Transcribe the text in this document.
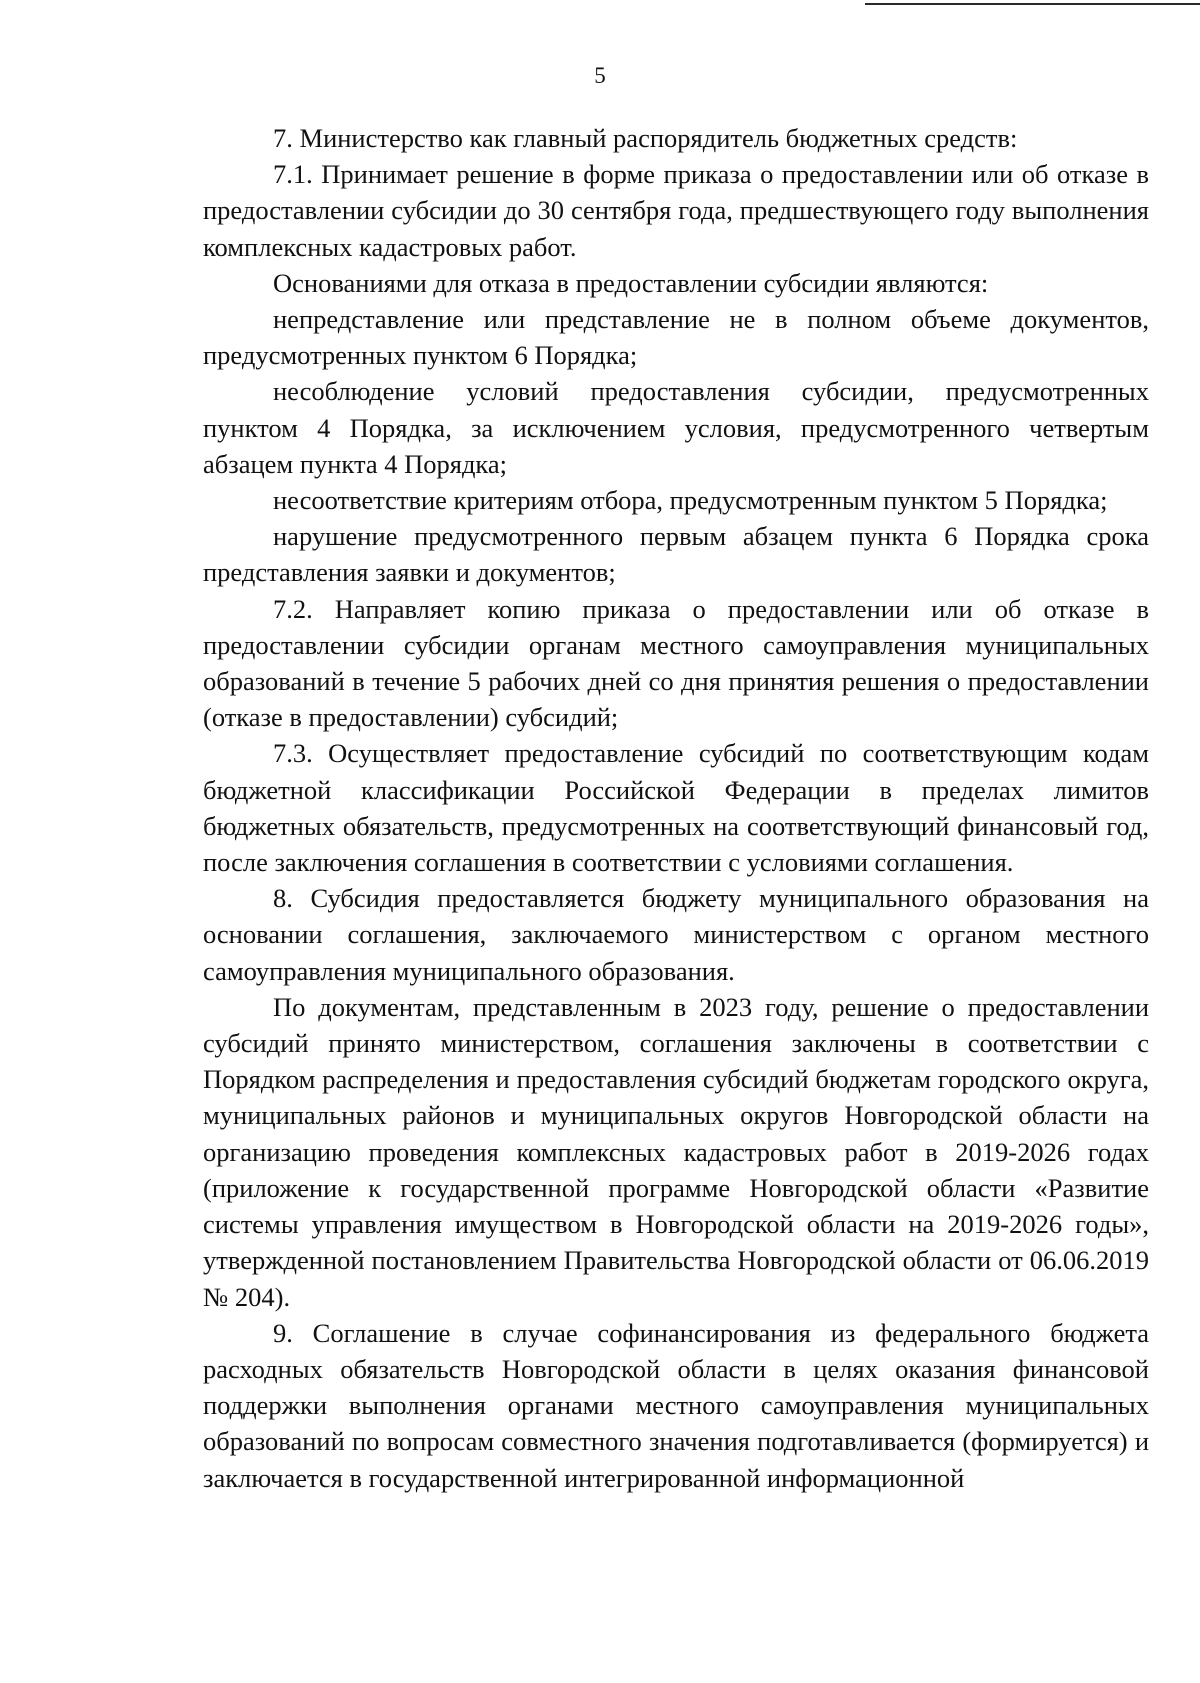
5

7. Министерство как главный распорядитель бюджетных средств:

7.1. Принимает решение в форме приказа о предоставлении или об отказе в предоставлении субсидии до 30 сентября года, предшествующего году выполнения комплексных кадастровых работ.

Основаниями для отказа в предоставлении субсидии являются:

непредставление или представление не в полном объеме документов, предусмотренных пунктом 6 Порядка;

несоблюдение условий предоставления субсидии, предусмотренных пунктом 4 Порядка, за исключением условия, предусмотренного четвертым абзацем пункта 4 Порядка;

несоответствие критериям отбора, предусмотренным пунктом 5 Порядка;

нарушение предусмотренного первым абзацем пункта 6 Порядка срока представления заявки и документов;

7.2. Направляет копию приказа о предоставлении или об отказе в предоставлении субсидии органам местного самоуправления муниципальных образований в течение 5 рабочих дней со дня принятия решения о предоставлении (отказе в предоставлении) субсидий;

7.3. Осуществляет предоставление субсидий по соответствующим кодам бюджетной классификации Российской Федерации в пределах лимитов бюджетных обязательств, предусмотренных на соответствующий финансовый год, после заключения соглашения в соответствии с условиями соглашения.

8. Субсидия предоставляется бюджету муниципального образования на основании соглашения, заключаемого министерством с органом местного самоуправления муниципального образования.

По документам, представленным в 2023 году, решение о предоставлении субсидий принято министерством, соглашения заключены в соответствии с Порядком распределения и предоставления субсидий бюджетам городского округа, муниципальных районов и муниципальных округов Новгородской области на организацию проведения комплексных кадастровых работ в 2019-2026 годах (приложение к государственной программе Новгородской области «Развитие системы управления имуществом в Новгородской области на 2019-2026 годы», утвержденной постановлением Правительства Новгородской области от 06.06.2019 № 204).

9. Соглашение в случае софинансирования из федерального бюджета расходных обязательств Новгородской области в целях оказания финансовой поддержки выполнения органами местного самоуправления муниципальных образований по вопросам совместного значения подготавливается (формируется) и заключается в государственной интегрированной информационной
